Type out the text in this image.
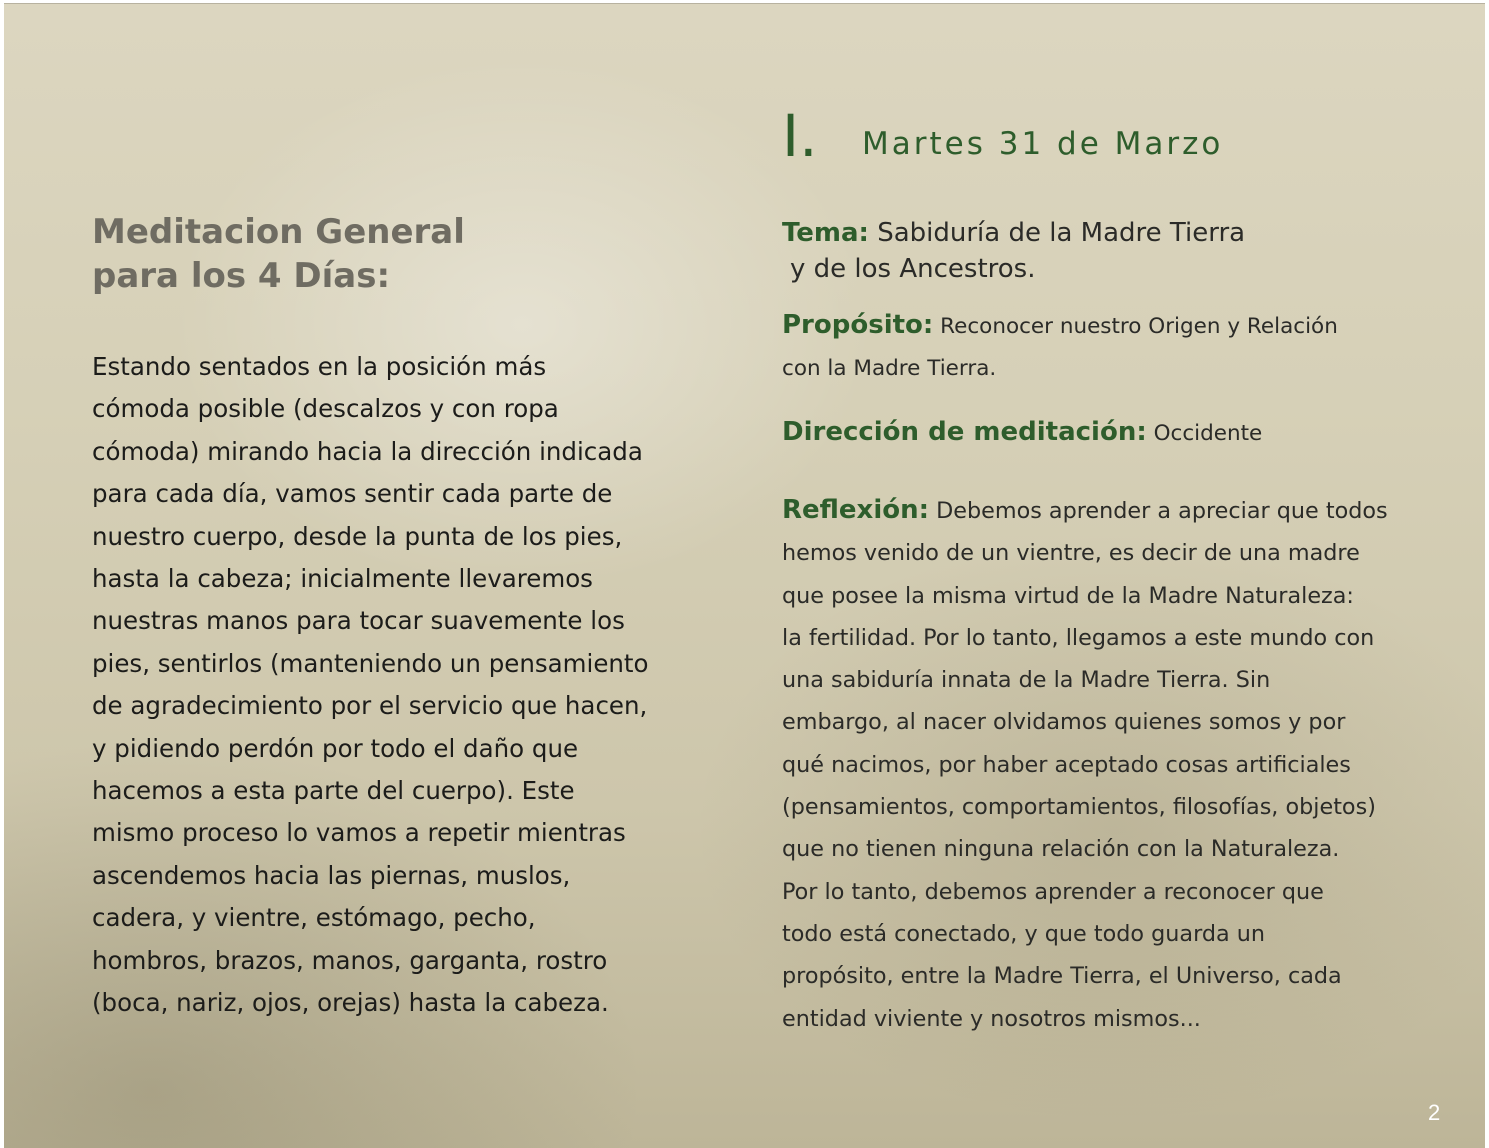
Meditacion General
para los 4 Días:
Estando sentados en la posición más
cómoda posible (descalzos y con ropa
cómoda) mirando hacia la dirección indicada
para cada día, vamos sentir cada parte de
nuestro cuerpo, desde la punta de los pies,
hasta la cabeza; inicialmente llevaremos
nuestras manos para tocar suavemente los
pies, sentirlos (manteniendo un pensamiento
de agradecimiento por el servicio que hacen,
y pidiendo perdón por todo el daño que
hacemos a esta parte del cuerpo). Este
mismo proceso lo vamos a repetir mientras
ascendemos hacia las piernas, muslos,
cadera, y vientre, estómago, pecho,
hombros, brazos, manos, garganta, rostro
(boca, nariz, ojos, orejas) hasta la cabeza.
I. Martes 31 de Marzo
Tema: Sabiduría de la Madre Tierra
y de los Ancestros.
Propósito: Reconocer nuestro Origen y Relación
con la Madre Tierra.
Dirección de meditación: Occidente
Reflexión: Debemos aprender a apreciar que todos
hemos venido de un vientre, es decir de una madre
que posee la misma virtud de la Madre Naturaleza:
la fertilidad. Por lo tanto, llegamos a este mundo con
una sabiduría innata de la Madre Tierra. Sin
embargo, al nacer olvidamos quienes somos y por
qué nacimos, por haber aceptado cosas artificiales
(pensamientos, comportamientos, filosofías, objetos)
que no tienen ninguna relación con la Naturaleza.
Por lo tanto, debemos aprender a reconocer que
todo está conectado, y que todo guarda un
propósito, entre la Madre Tierra, el Universo, cada
entidad viviente y nosotros mismos...
2
